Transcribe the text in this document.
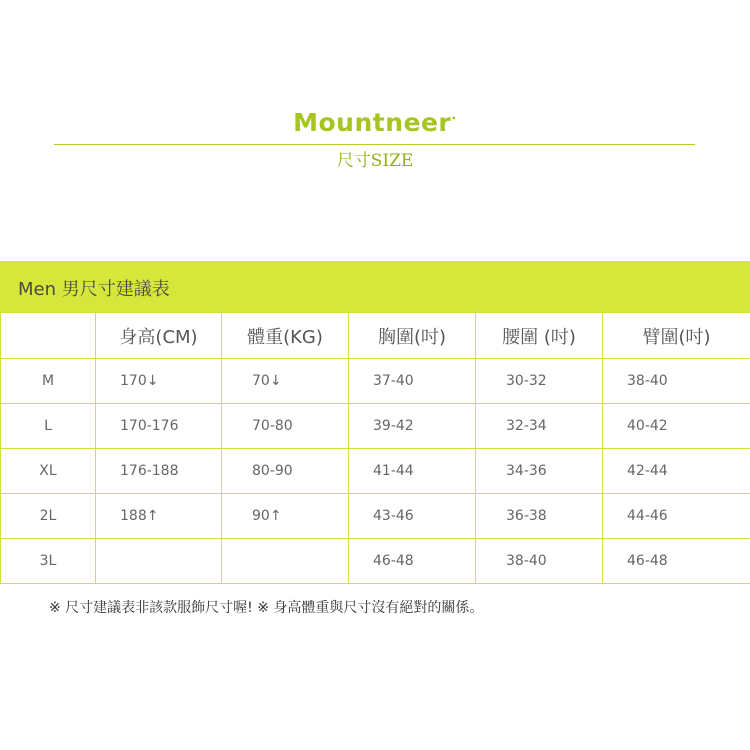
Mountneer•
尺寸SIZE
Men 男尺寸建議表
	身高(CM)	體重(KG)	胸圍(吋)	腰圍 (吋)	臂圍(吋)
M	170↓	70↓	37-40	30-32	38-40
L	170-176	70-80	39-42	32-34	40-42
XL	176-188	80-90	41-44	34-36	42-44
2L	188↑	90↑	43-46	36-38	44-46
3L			46-48	38-40	46-48
※ 尺寸建議表非該款服飾尺寸喔! ※ 身高體重與尺寸沒有絕對的關係。
